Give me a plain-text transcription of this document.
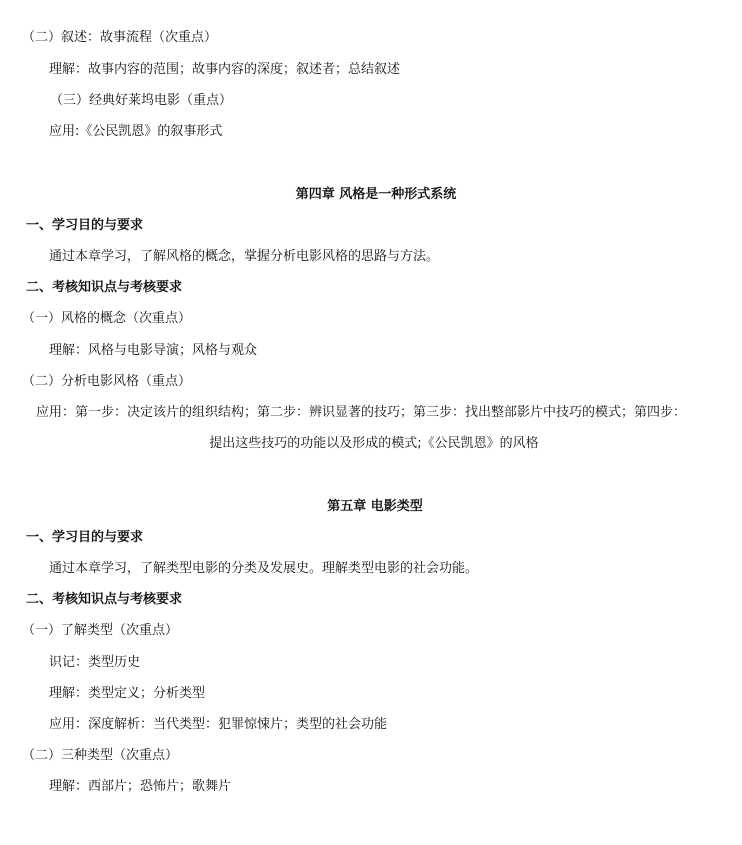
（二）叙述：故事流程（次重点）
理解：故事内容的范围；故事内容的深度；叙述者；总结叙述
（三）经典好莱坞电影（重点）
应用:《公民凯恩》的叙事形式
第四章 风格是一种形式系统
一、学习目的与要求
通过本章学习，了解风格的概念，掌握分析电影风格的思路与方法。
二、考核知识点与考核要求
（一）风格的概念（次重点）
理解：风格与电影导演；风格与观众
（二）分析电影风格（重点）
应用：第一步：决定该片的组织结构；第二步：辨识显著的技巧；第三步：找出整部影片中技巧的模式；第四步：
提出这些技巧的功能以及形成的模式;《公民凯恩》的风格
第五章 电影类型
一、学习目的与要求
通过本章学习，了解类型电影的分类及发展史。理解类型电影的社会功能。
二、考核知识点与考核要求
（一）了解类型（次重点）
识记：类型历史
理解：类型定义；分析类型
应用：深度解析：当代类型：犯罪惊悚片；类型的社会功能
（二）三种类型（次重点）
理解：西部片；恐怖片；歌舞片
